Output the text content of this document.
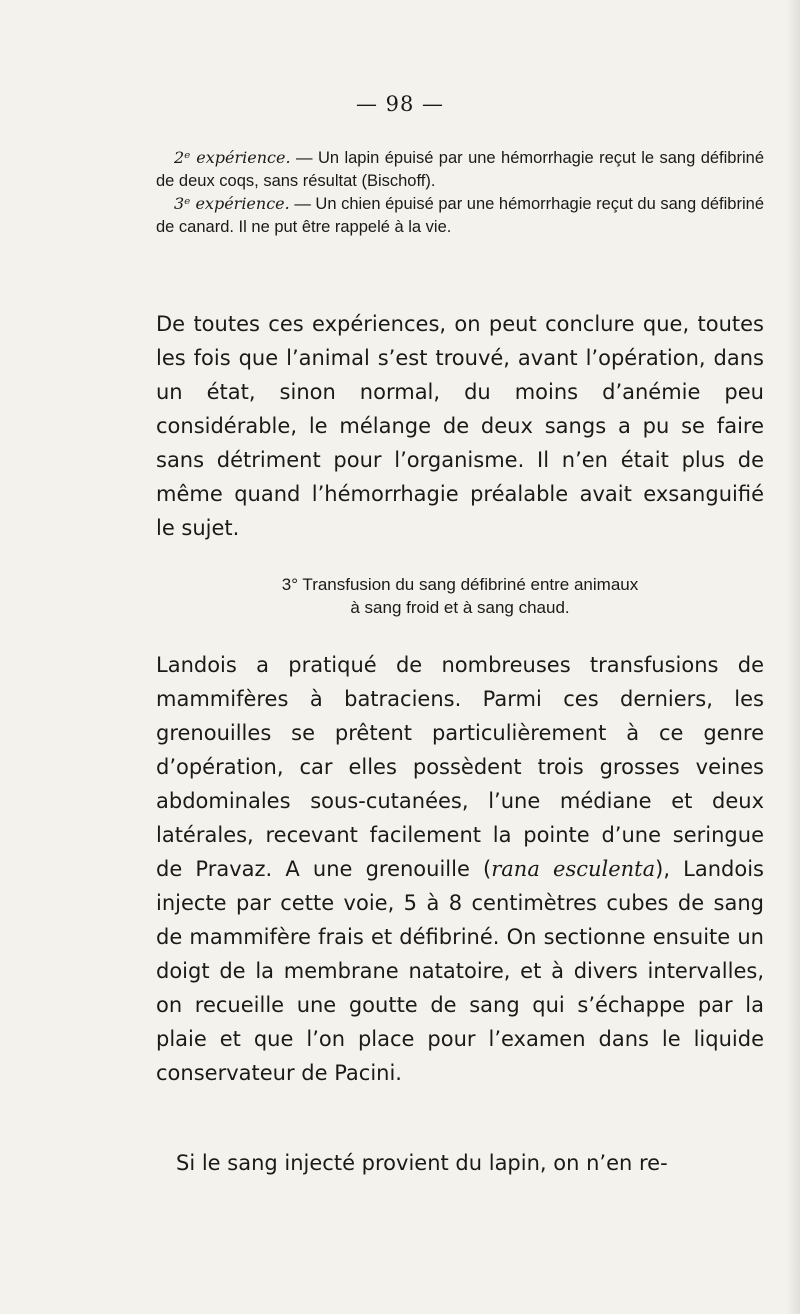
— 98 —

2ᵉ expérience. — Un lapin épuisé par une hémorrhagie reçut le sang défibriné de deux coqs, sans résultat (Bischoff).

3ᵉ expérience. — Un chien épuisé par une hémorrhagie reçut du sang défibriné de canard. Il ne put être rappelé à la vie.

De toutes ces expériences, on peut conclure que, toutes les fois que l’animal s’est trouvé, avant l’opération, dans un état, sinon normal, du moins d’anémie peu considérable, le mélange de deux sangs a pu se faire sans détriment pour l’organisme. Il n’en était plus de même quand l’hémorrhagie préalable avait exsanguifié le sujet.

3° Transfusion du sang défibriné entre animaux
à sang froid et à sang chaud.

Landois a pratiqué de nombreuses transfusions de mammifères à batraciens. Parmi ces derniers, les grenouilles se prêtent particulièrement à ce genre d’opération, car elles possèdent trois grosses veines abdominales sous-cutanées, l’une médiane et deux latérales, recevant facilement la pointe d’une seringue de Pravaz. A une grenouille (rana esculenta), Landois injecte par cette voie, 5 à 8 centimètres cubes de sang de mammifère frais et défibriné. On sectionne ensuite un doigt de la membrane natatoire, et à divers intervalles, on recueille une goutte de sang qui s’échappe par la plaie et que l’on place pour l’examen dans le liquide conservateur de Pacini.

Si le sang injecté provient du lapin, on n’en re-
